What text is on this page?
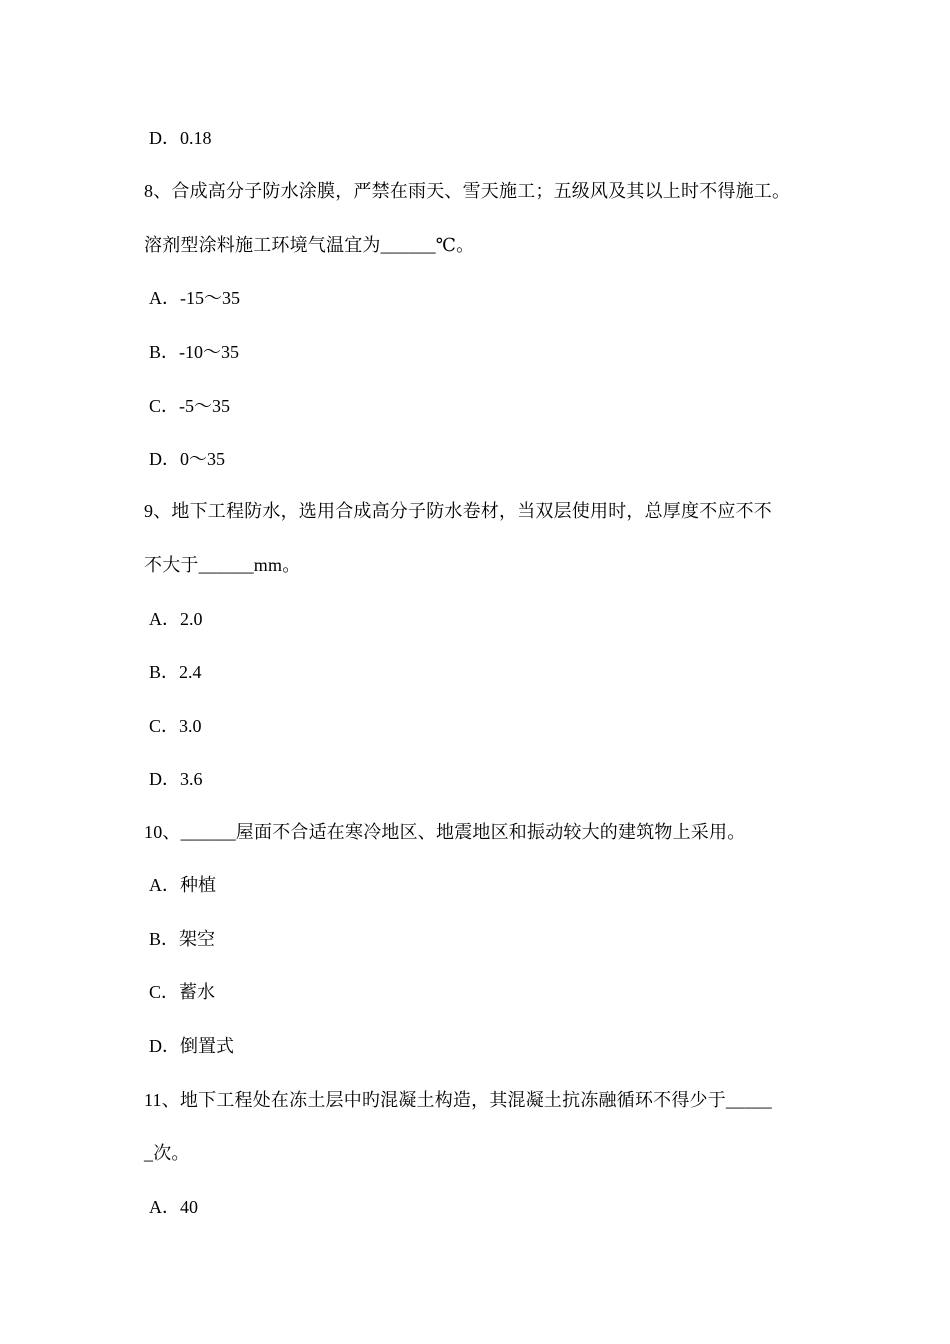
D．0.18
8、合成高分子防水涂膜，严禁在雨天、雪天施工；五级风及其以上时不得施工。
溶剂型涂料施工环境气温宜为______℃。
A．-15～35
B．-10～35
C．-5～35
D．0～35
9、地下工程防水，选用合成高分子防水卷材，当双层使用时，总厚度不应不不
不大于______mm。
A．2.0
B．2.4
C．3.0
D．3.6
10、______屋面不合适在寒冷地区、地震地区和振动较大的建筑物上采用。
A．种植
B．架空
C．蓄水
D．倒置式
11、地下工程处在冻土层中旳混凝土构造，其混凝土抗冻融循环不得少于_____
_次。
A．40
